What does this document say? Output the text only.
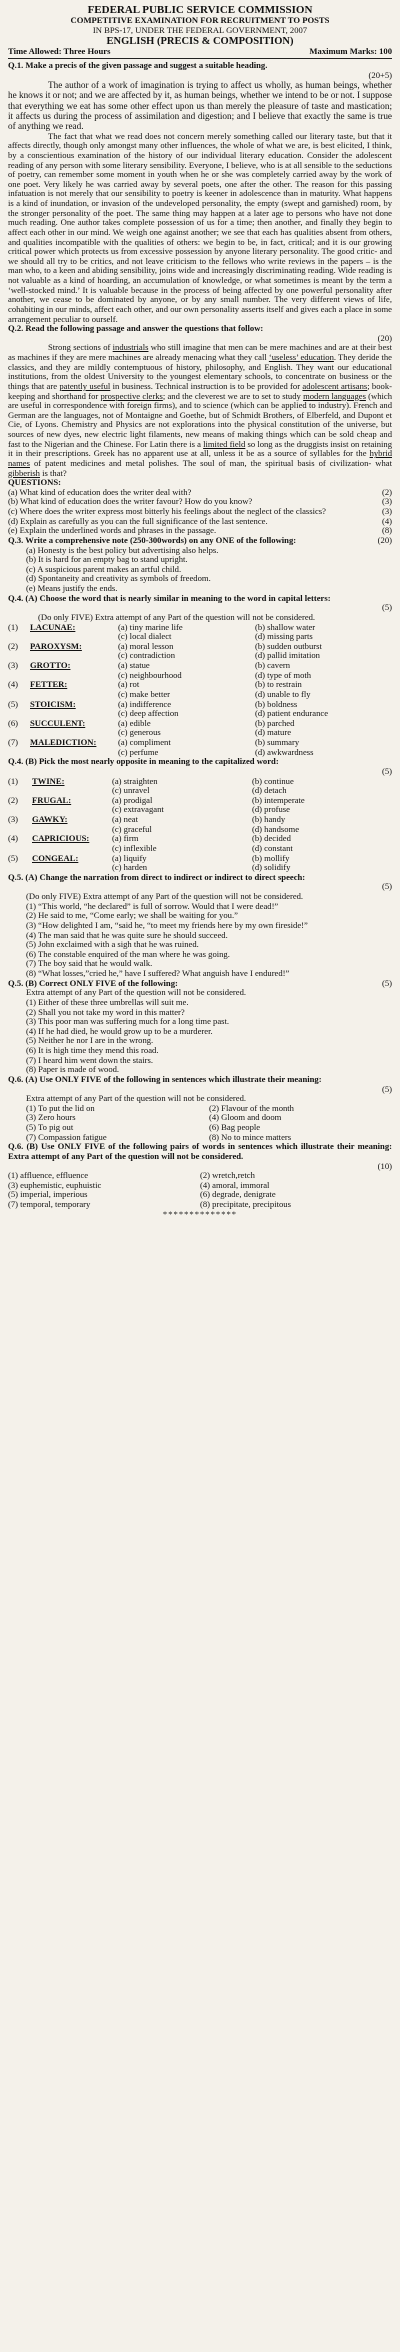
FEDERAL PUBLIC SERVICE COMMISSION
COMPETITIVE EXAMINATION FOR RECRUITMENT TO POSTS
IN BPS-17, UNDER THE FEDERAL GOVERNMENT, 2007
ENGLISH (PRECIS & COMPOSITION)
Time Allowed: Three Hours	Maximum Marks: 100

Q.1. Make a precis of the given passage and suggest a suitable heading.

(20+5)

The author of a work of imagination is trying to affect us wholly, as human beings, whether he knows it or not; and we are affected by it, as human beings, whether we intend to be or not. I suppose that everything we eat has some other effect upon us than merely the pleasure of taste and mastication; it affects us during the process of assimilation and digestion; and I believe that exactly the same is true of anything we read.

The fact that what we read does not concern merely something called our literary taste, but that it affects directly, though only amongst many other influences, the whole of what we are, is best elicited, I think, by a conscientious examination of the history of our individual literary education. Consider the adolescent reading of any person with some literary sensibility. Everyone, I believe, who is at all sensible to the seductions of poetry, can remember some moment in youth when he or she was completely carried away by the work of one poet. Very likely he was carried away by several poets, one after the other. The reason for this passing infatuation is not merely that our sensibility to poetry is keener in adolescence than in maturity. What happens is a kind of inundation, or invasion of the undeveloped personality, the empty (swept and garnished) room, by the stronger personality of the poet. The same thing may happen at a later age to persons who have not done much reading. One author takes complete possession of us for a time; then another, and finally they begin to affect each other in our mind. We weigh one against another; we see that each has qualities absent from others, and qualities incompatible with the qualities of others: we begin to be, in fact, critical; and it is our growing critical power which protects us from excessive possession by anyone literary personality. The good critic- and we should all try to be critics, and not leave criticism to the fellows who write reviews in the papers – is the man who, to a keen and abiding sensibility, joins wide and increasingly discriminating reading. Wide reading is not valuable as a kind of hoarding, an accumulation of knowledge, or what sometimes is meant by the term a ‘well-stocked mind.’ It is valuable because in the process of being affected by one powerful personality after another, we cease to be dominated by anyone, or by any small number. The very different views of life, cohabiting in our minds, affect each other, and our own personality asserts itself and gives each a place in some arrangement peculiar to ourself.

Q.2. Read the following passage and answer the questions that follow:

(20)

Strong sections of industrials who still imagine that men can be mere machines and are at their best as machines if they are mere machines are already menacing what they call ‘useless’ education. They deride the classics, and they are mildly contemptuous of history, philosophy, and English. They want our educational institutions, from the oldest University to the youngest elementary schools, to concentrate on business or the things that are patently useful in business. Technical instruction is to be provided for adolescent artisans; book-keeping and shorthand for prospective clerks; and the cleverest we are to set to study modern languages (which are useful in correspondence with foreign firms), and to science (which can be applied to industry). French and German are the languages, not of Montaigne and Goethe, but of Schmidt Brothers, of Elberfeld, and Dupont et Cie, of Lyons. Chemistry and Physics are not explorations into the physical constitution of the universe, but sources of new dyes, new electric light filaments, new means of making things which can be sold cheap and fast to the Nigerian and the Chinese. For Latin there is a limited field so long as the druggists insist on retaining it in their prescriptions. Greek has no apparent use at all, unless it be as a source of syllables for the hybrid names of patent medicines and metal polishes. The soul of man, the spiritual basis of civilization- what gibberish is that?

QUESTIONS:

(a) What kind of education does the writer deal with?	(2)
(b) What kind of education does the writer favour? How do you know?	(3)
(c) Where does the writer express most bitterly his feelings about the neglect of the classics?	(3)
(d) Explain as carefully as you can the full significance of the last sentence.	(4)
(e) Explain the underlined words and phrases in the passage.	(8)

Q.3. Write a comprehensive note (250-300words) on any ONE of the following:	(20)
(a) Honesty is the best policy but advertising also helps.
(b) It is hard for an empty bag to stand upright.
(c) A suspicious parent makes an artful child.
(d) Spontaneity and creativity as symbols of freedom.
(e) Means justify the ends.

Q.4. (A) Choose the word that is nearly similar in meaning to the word in capital letters:

(5)

(Do only FIVE) Extra attempt of any Part of the question will not be considered.

(1)	LACUNAE:	(a) tiny marine life	(b) shallow water
(c) local dialect	(d) missing parts
(2)	PAROXYSM:	(a) moral lesson	(b) sudden outburst
(c) contradiction	(d) pallid imitation
(3)	GROTTO:	(a) statue	(b) cavern
(c) neighbourhood	(d) type of moth
(4)	FETTER:	(a) rot	(b) to restrain
(c) make better	(d) unable to fly
(5)	STOICISM:	(a) indifference	(b) boldness
(c) deep affection	(d) patient endurance
(6)	SUCCULENT:	(a) edible	(b) parched
(c) generous	(d) mature
(7)	MALEDICTION:	(a) compliment	(b) summary
(c) perfume	(d) awkwardness

Q.4. (B) Pick the most nearly opposite in meaning to the capitalized word:

(5)
(1)	TWINE:	(a) straighten	(b) continue
(c) unravel	(d) detach
(2)	FRUGAL:	(a) prodigal	(b) intemperate
(c) extravagant	(d) profuse
(3)	GAWKY:	(a) neat	(b) handy
(c) graceful	(d) handsome
(4)	CAPRICIOUS:	(a) firm	(b) decided
(c) inflexible	(d) constant
(5)	CONGEAL:	(a) liquify	(b) mollify
(c) harden	(d) solidify

Q.5. (A) Change the narration from direct to indirect or indirect to direct speech:

(5)

(Do only FIVE) Extra attempt of any Part of the question will not be considered.

(1) “This world, “he declared” is full of sorrow. Would that I were dead!”
(2) He said to me, “Come early; we shall be waiting for you.”
(3) “How delighted I am, “said he, “to meet my friends here by my own fireside!”
(4) The man said that he was quite sure he should succeed.
(5) John exclaimed with a sigh that he was ruined.
(6) The constable enquired of the man where he was going.
(7) The boy said that he would walk.
(8) “What losses,”cried he,” have I suffered? What anguish have I endured!”

Q.5. (B) Correct ONLY FIVE of the following:	(5)

Extra attempt of any Part of the question will not be considered.

(1) Either of these three umbrellas will suit me.
(2) Shall you not take my word in this matter?
(3) This poor man was suffering much for a long time past.
(4) If he had died, he would grow up to be a murderer.
(5) Neither he nor I are in the wrong.
(6) It is high time they mend this road.
(7) I heard him went down the stairs.
(8) Paper is made of wood.

Q.6. (A) Use ONLY FIVE of the following in sentences which illustrate their meaning:

(5)

Extra attempt of any Part of the question will not be considered.

(1) To put the lid on	(2) Flavour of the month
(3) Zero hours	(4) Gloom and doom
(5) To pig out	(6) Bag people
(7) Compassion fatigue	(8) No to mince matters

Q.6. (B) Use ONLY FIVE of the following pairs of words in sentences which illustrate their meaning: Extra attempt of any Part of the question will not be considered.

(10)
(1) affluence, effluence	(2) wretch,retch
(3) euphemistic, euphuistic	(4) amoral, immoral
(5) imperial, imperious	(6) degrade, denigrate
(7) temporal, temporary	(8) precipitate, precipitous
**************
